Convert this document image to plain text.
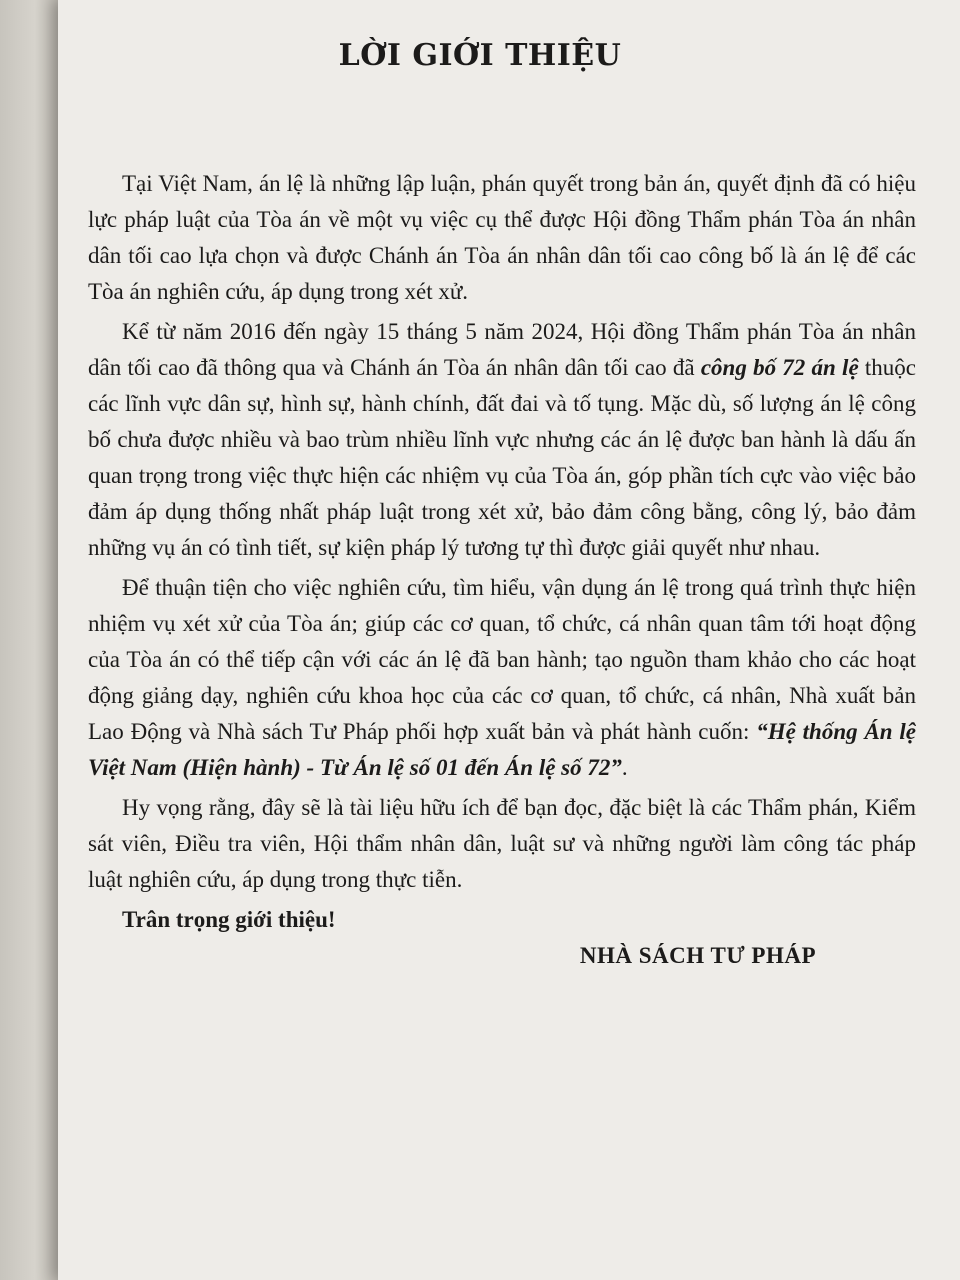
LỜI GIỚI THIỆU

Tại Việt Nam, án lệ là những lập luận, phán quyết trong bản án, quyết định đã có hiệu lực pháp luật của Tòa án về một vụ việc cụ thể được Hội đồng Thẩm phán Tòa án nhân dân tối cao lựa chọn và được Chánh án Tòa án nhân dân tối cao công bố là án lệ để các Tòa án nghiên cứu, áp dụng trong xét xử.

Kể từ năm 2016 đến ngày 15 tháng 5 năm 2024, Hội đồng Thẩm phán Tòa án nhân dân tối cao đã thông qua và Chánh án Tòa án nhân dân tối cao đã công bố 72 án lệ thuộc các lĩnh vực dân sự, hình sự, hành chính, đất đai và tố tụng. Mặc dù, số lượng án lệ công bố chưa được nhiều và bao trùm nhiều lĩnh vực nhưng các án lệ được ban hành là dấu ấn quan trọng trong việc thực hiện các nhiệm vụ của Tòa án, góp phần tích cực vào việc bảo đảm áp dụng thống nhất pháp luật trong xét xử, bảo đảm công bằng, công lý, bảo đảm những vụ án có tình tiết, sự kiện pháp lý tương tự thì được giải quyết như nhau.

Để thuận tiện cho việc nghiên cứu, tìm hiểu, vận dụng án lệ trong quá trình thực hiện nhiệm vụ xét xử của Tòa án; giúp các cơ quan, tổ chức, cá nhân quan tâm tới hoạt động của Tòa án có thể tiếp cận với các án lệ đã ban hành; tạo nguồn tham khảo cho các hoạt động giảng dạy, nghiên cứu khoa học của các cơ quan, tổ chức, cá nhân, Nhà xuất bản Lao Động và Nhà sách Tư Pháp phối hợp xuất bản và phát hành cuốn: “Hệ thống Án lệ Việt Nam (Hiện hành) - Từ Án lệ số 01 đến Án lệ số 72”.

Hy vọng rằng, đây sẽ là tài liệu hữu ích để bạn đọc, đặc biệt là các Thẩm phán, Kiểm sát viên, Điều tra viên, Hội thẩm nhân dân, luật sư và những người làm công tác pháp luật nghiên cứu, áp dụng trong thực tiễn.

Trân trọng giới thiệu!

NHÀ SÁCH TƯ PHÁP
